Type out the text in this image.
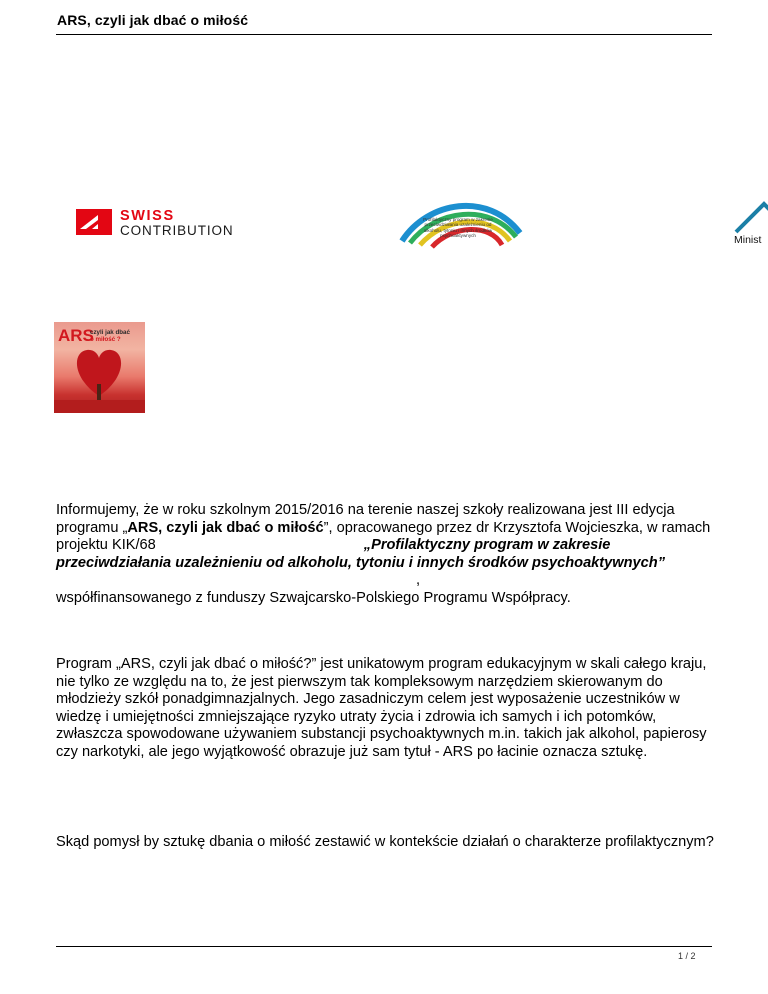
ARS, czyli jak dbać o miłość
SWISS
CONTRIBUTION
Profilaktyczny program w zakresie przeciwdziałania uzależnieniu od alkoholu, tytoniu i innych środków psychoaktywnych	Minist
ARS
czyli jak dbać
o miłość ?
Informujemy, że w roku szkolnym 2015/2016 na terenie naszej szkoły realizowana jest III edycja programu „ARS, czyli jak dbać o miłość”, opracowanego przez dr Krzysztofa Wojcieszka, w ramach projektu KIK/68	„Profilaktyczny program w zakresie przeciwdziałania uzależnieniu od alkoholu, tytoniu i innych środków psychoaktywnych”,
współfinansowanego z funduszy Szwajcarsko-Polskiego Programu Współpracy.
Program „ARS, czyli jak dbać o miłość?” jest unikatowym program edukacyjnym w skali całego kraju, nie tylko ze względu na to, że jest pierwszym tak kompleksowym narzędziem skierowanym do młodzieży szkół ponadgimnazjalnych. Jego zasadniczym celem jest wyposażenie uczestników w wiedzę i umiejętności zmniejszające ryzyko utraty życia i zdrowia ich samych i ich potomków, zwłaszcza spowodowane używaniem substancji psychoaktywnych m.in. takich jak alkohol, papierosy czy narkotyki, ale jego wyjątkowość obrazuje już sam tytuł - ARS po łacinie oznacza sztukę.
Skąd pomysł by sztukę dbania o miłość zestawić w kontekście działań o charakterze profilaktycznym?
1 / 2
